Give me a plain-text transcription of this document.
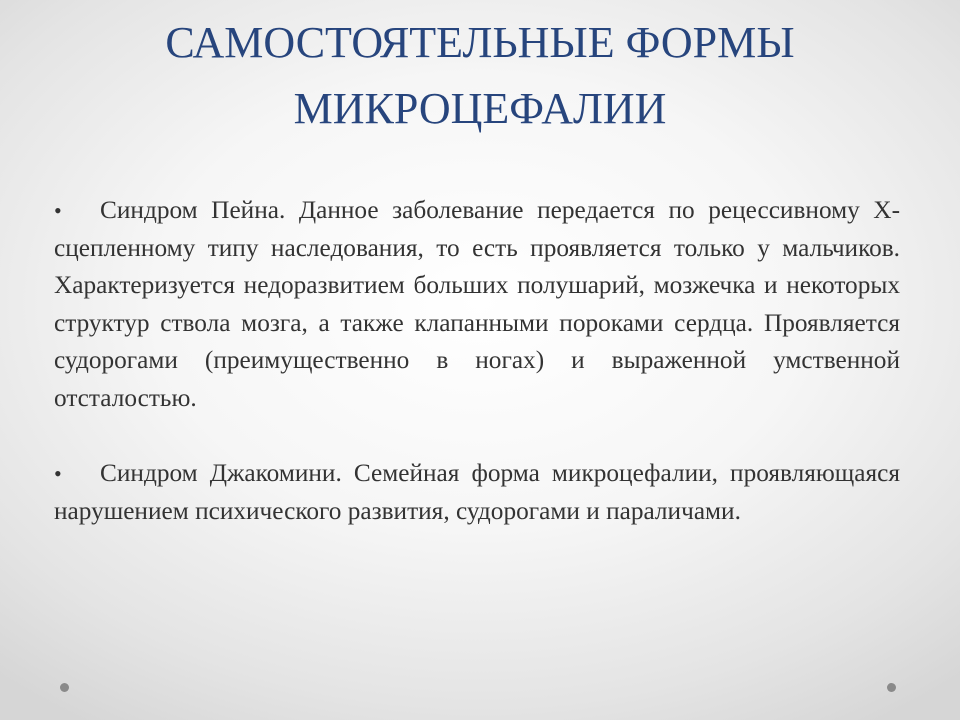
САМОСТОЯТЕЛЬНЫЕ ФОРМЫ
МИКРОЦЕФАЛИИ

• Синдром Пейна. Данное заболевание передается по рецессивному Х-сцепленному типу наследования, то есть проявляется только у мальчиков. Характеризуется недоразвитием больших полушарий, мозжечка и некоторых структур ствола мозга, а также клапанными пороками сердца. Проявляется судорогами (преимущественно в ногах) и выраженной умственной отсталостью.

• Синдром Джакомини. Семейная форма микроцефалии, проявляющаяся нарушением психического развития, судорогами и параличами.
